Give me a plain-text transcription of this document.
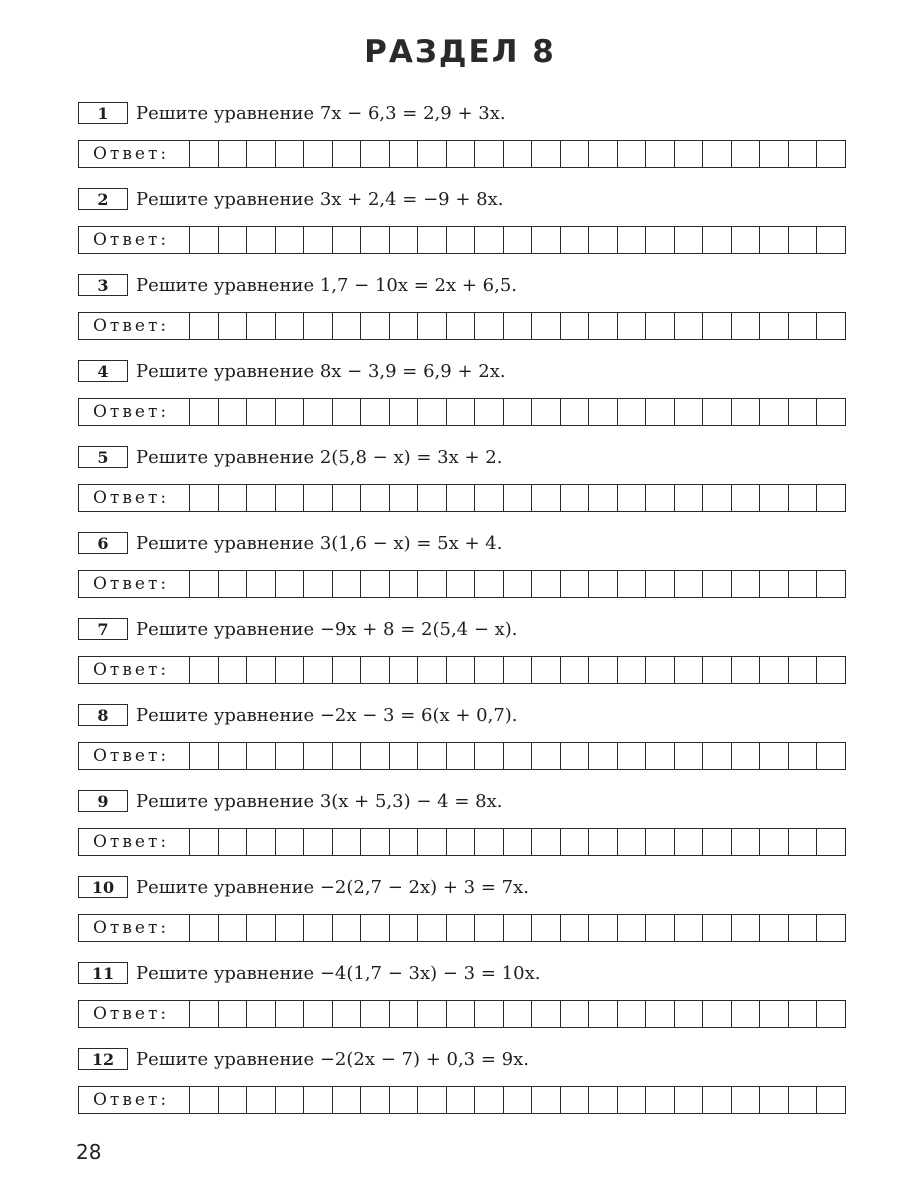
РАЗДЕЛ 8
1	Решите уравнение 7x − 6,3 = 2,9 + 3x.
Ответ:
2	Решите уравнение 3x + 2,4 = −9 + 8x.
Ответ:
3	Решите уравнение 1,7 − 10x = 2x + 6,5.
Ответ:
4	Решите уравнение 8x − 3,9 = 6,9 + 2x.
Ответ:
5	Решите уравнение 2(5,8 − x) = 3x + 2.
Ответ:
6	Решите уравнение 3(1,6 − x) = 5x + 4.
Ответ:
7	Решите уравнение −9x + 8 = 2(5,4 − x).
Ответ:
8	Решите уравнение −2x − 3 = 6(x + 0,7).
Ответ:
9	Решите уравнение 3(x + 5,3) − 4 = 8x.
Ответ:
10	Решите уравнение −2(2,7 − 2x) + 3 = 7x.
Ответ:
11	Решите уравнение −4(1,7 − 3x) − 3 = 10x.
Ответ:
12	Решите уравнение −2(2x − 7) + 0,3 = 9x.
Ответ:
28
